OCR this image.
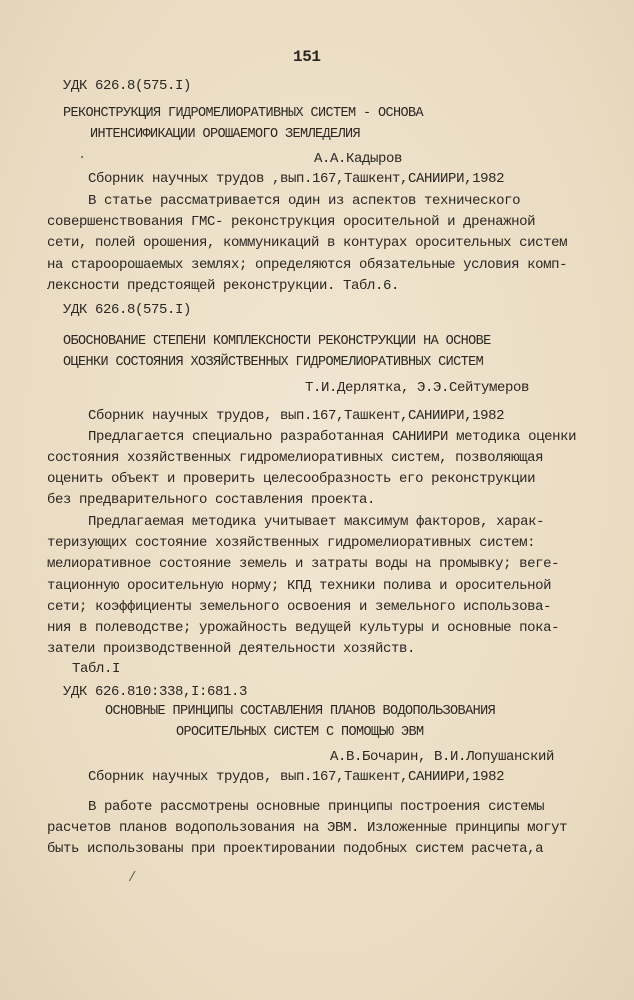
151
УДК 626.8(575.I)
РЕКОНСТРУКЦИЯ ГИДРОМЕЛИОРАТИВНЫХ СИСТЕМ - ОСНОВА
ИНТЕНСИФИКАЦИИ ОРОШАЕМОГО ЗЕМЛЕДЕЛИЯ
А.А.Кадыров
Сборник научных трудов ,вып.167,Ташкент,САНИИРИ,1982
В статье рассматривается один из аспектов технического
совершенствования ГМС- реконструкция оросительной и дренажной
сети, полей орошения, коммуникаций в контурах оросительных систем
на староорошаемых землях; определяются обязательные условия комп-
лексности предстоящей реконструкции. Табл.6.
УДК 626.8(575.I)
ОБОСНОВАНИЕ СТЕПЕНИ КОМПЛЕКСНОСТИ РЕКОНСТРУКЦИИ НА ОСНОВЕ
ОЦЕНКИ СОСТОЯНИЯ ХОЗЯЙСТВЕННЫХ ГИДРОМЕЛИОРАТИВНЫХ СИСТЕМ
Т.И.Дерлятка, Э.Э.Сейтумеров
Сборник научных трудов, вып.167,Ташкент,САНИИРИ,1982
Предлагается специально разработанная САНИИРИ методика оценки
состояния хозяйственных гидромелиоративных систем, позволяющая
оценить объект и проверить целесообразность его реконструкции
без предварительного составления проекта.
Предлагаемая методика учитывает максимум факторов, харак-
теризующих состояние хозяйственных гидромелиоративных систем:
мелиоративное состояние земель и затраты воды на промывку; веге-
тационную оросительную норму; КПД техники полива и оросительной
сети; коэффициенты земельного освоения и земельного использова-
ния в полеводстве; урожайность ведущей культуры и основные пока-
затели производственной деятельности хозяйств.
Табл.I
УДК 626.810:338,I:681.3
ОСНОВНЫЕ ПРИНЦИПЫ СОСТАВЛЕНИЯ ПЛАНОВ ВОДОПОЛЬЗОВАНИЯ
ОРОСИТЕЛЬНЫХ СИСТЕМ С ПОМОЩЬЮ ЭВМ
А.В.Бочарин, В.И.Лопушанский
Сборник научных трудов, вып.167,Ташкент,САНИИРИ,1982
В работе рассмотрены основные принципы построения системы
расчетов планов водопользования на ЭВМ. Изложенные принципы могут
быть использованы при проектировании подобных систем расчета,а
·
/
